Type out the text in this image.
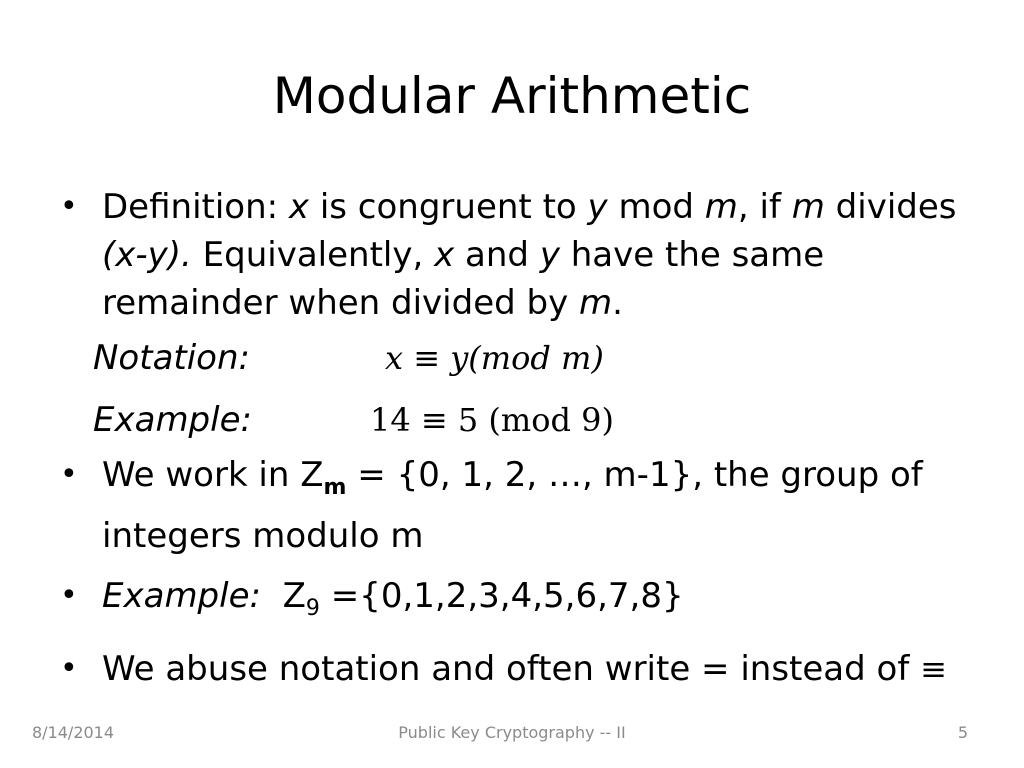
Modular Arithmetic
• Definition: x is congruent to y mod m, if m divides (x-y). Equivalently, x and y have the same remainder when divided by m.
Notation:	x ≡ y(mod m)
Example:	14 ≡ 5 (mod 9)
• We work in $Z_m = \{0$, 1, 2, …, m-1}, the group of integers modulo m
• Example: $Z_9 =\{0,1,2,3,4,5,6,7,8\}$
• We abuse notation and often write = instead of ≡
8/14/2014	Public Key Cryptography -- II	5
